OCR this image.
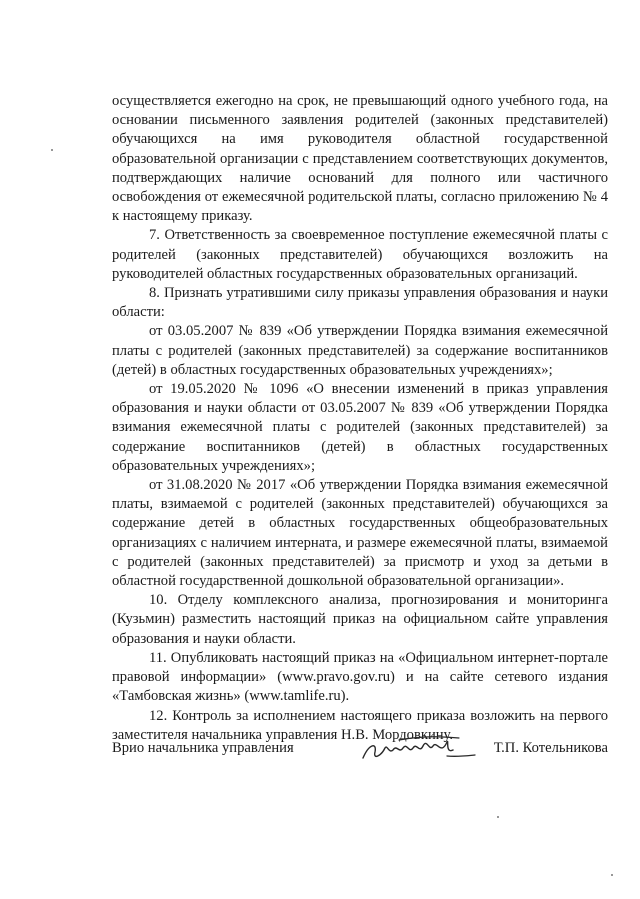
осуществляется ежегодно на срок, не превышающий одного учебного года, на основании письменного заявления родителей (законных представителей) обучающихся на имя руководителя областной государственной образовательной организации с представлением соответствующих документов, подтверждающих наличие оснований для полного или частичного освобождения от ежемесячной родительской платы, согласно приложению № 4 к настоящему приказу.

7. Ответственность за своевременное поступление ежемесячной платы с родителей (законных представителей) обучающихся возложить на руководителей областных государственных образовательных организаций.

8. Признать утратившими силу приказы управления образования и науки области:

от 03.05.2007 № 839 «Об утверждении Порядка взимания ежемесячной платы с родителей (законных представителей) за содержание воспитанников (детей) в областных государственных образовательных учреждениях»;

от 19.05.2020 № 1096 «О внесении изменений в приказ управления образования и науки области от 03.05.2007 № 839 «Об утверждении Порядка взимания ежемесячной платы с родителей (законных представителей) за содержание воспитанников (детей) в областных государственных образовательных учреждениях»;

от 31.08.2020 № 2017 «Об утверждении Порядка взимания ежемесячной платы, взимаемой с родителей (законных представителей) обучающихся за содержание детей в областных государственных общеобразовательных организациях с наличием интерната, и размере ежемесячной платы, взимаемой с родителей (законных представителей) за присмотр и уход за детьми в областной государственной дошкольной образовательной организации».

10. Отделу комплексного анализа, прогнозирования и мониторинга (Кузьмин) разместить настоящий приказ на официальном сайте управления образования и науки области.

11. Опубликовать настоящий приказ на «Официальном интернет-портале правовой информации» (www.pravo.gov.ru) и на сайте сетевого издания «Тамбовская жизнь» (www.tamlife.ru).

12. Контроль за исполнением настоящего приказа возложить на первого заместителя начальника управления Н.В. Мордовкину.

Врио начальника управления	Т.П. Котельникова
